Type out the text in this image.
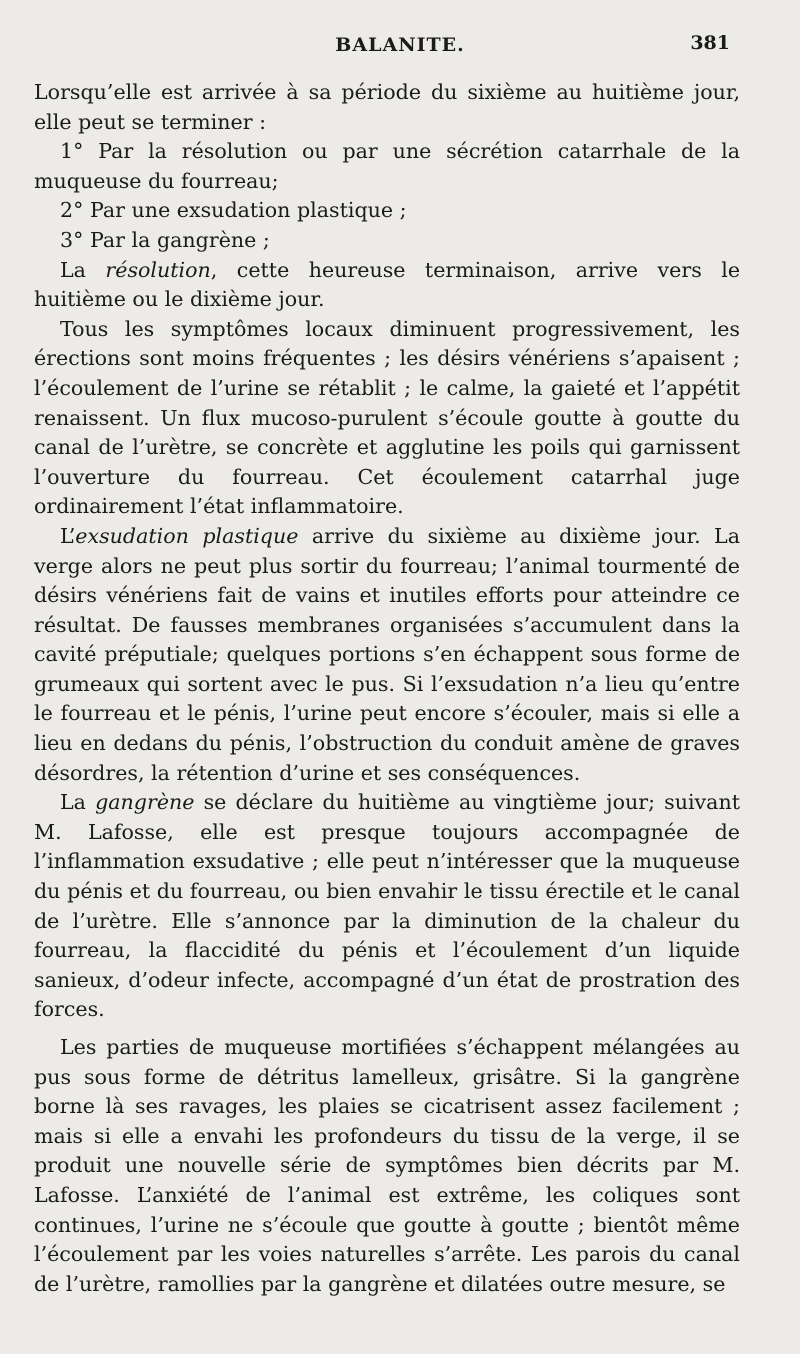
BALANITE.	381

Lorsqu’elle est arrivée à sa période du sixième au huitième jour, elle peut se terminer :

1° Par la résolution ou par une sécrétion catarrhale de la muqueuse du fourreau;

2° Par une exsudation plastique ;

3° Par la gangrène ;

La résolution, cette heureuse terminaison, arrive vers le huitième ou le dixième jour.

Tous les symptômes locaux diminuent progressivement, les érections sont moins fréquentes ; les désirs vénériens s’apaisent ; l’écoulement de l’urine se rétablit ; le calme, la gaieté et l’appétit renaissent. Un flux mucoso-purulent s’écoule goutte à goutte du canal de l’urètre, se concrète et agglutine les poils qui garnissent l’ouverture du fourreau. Cet écoulement catarrhal juge ordinairement l’état inflammatoire.

L’exsudation plastique arrive du sixième au dixième jour. La verge alors ne peut plus sortir du fourreau; l’animal tourmenté de désirs vénériens fait de vains et inutiles efforts pour atteindre ce résultat. De fausses membranes organisées s’accumulent dans la cavité préputiale; quelques portions s’en échappent sous forme de grumeaux qui sortent avec le pus. Si l’exsudation n’a lieu qu’entre le fourreau et le pénis, l’urine peut encore s’écouler, mais si elle a lieu en dedans du pénis, l’obstruction du conduit amène de graves désordres, la rétention d’urine et ses conséquences.

La gangrène se déclare du huitième au vingtième jour; suivant M. Lafosse, elle est presque toujours accompagnée de l’inflammation exsudative ; elle peut n’intéresser que la muqueuse du pénis et du fourreau, ou bien envahir le tissu érectile et le canal de l’urètre. Elle s’annonce par la diminution de la chaleur du fourreau, la flaccidité du pénis et l’écoulement d’un liquide sanieux, d’odeur infecte, accompagné d’un état de prostration des forces.

Les parties de muqueuse mortifiées s’échappent mélangées au pus sous forme de détritus lamelleux, grisâtre. Si la gangrène borne là ses ravages, les plaies se cicatrisent assez facilement ; mais si elle a envahi les profondeurs du tissu de la verge, il se produit une nouvelle série de symptômes bien décrits par M. Lafosse. L’anxiété de l’animal est extrême, les coliques sont continues, l’urine ne s’écoule que goutte à goutte ; bientôt même l’écoulement par les voies naturelles s’arrête. Les parois du canal de l’urètre, ramollies par la gangrène et dilatées outre mesure, se
